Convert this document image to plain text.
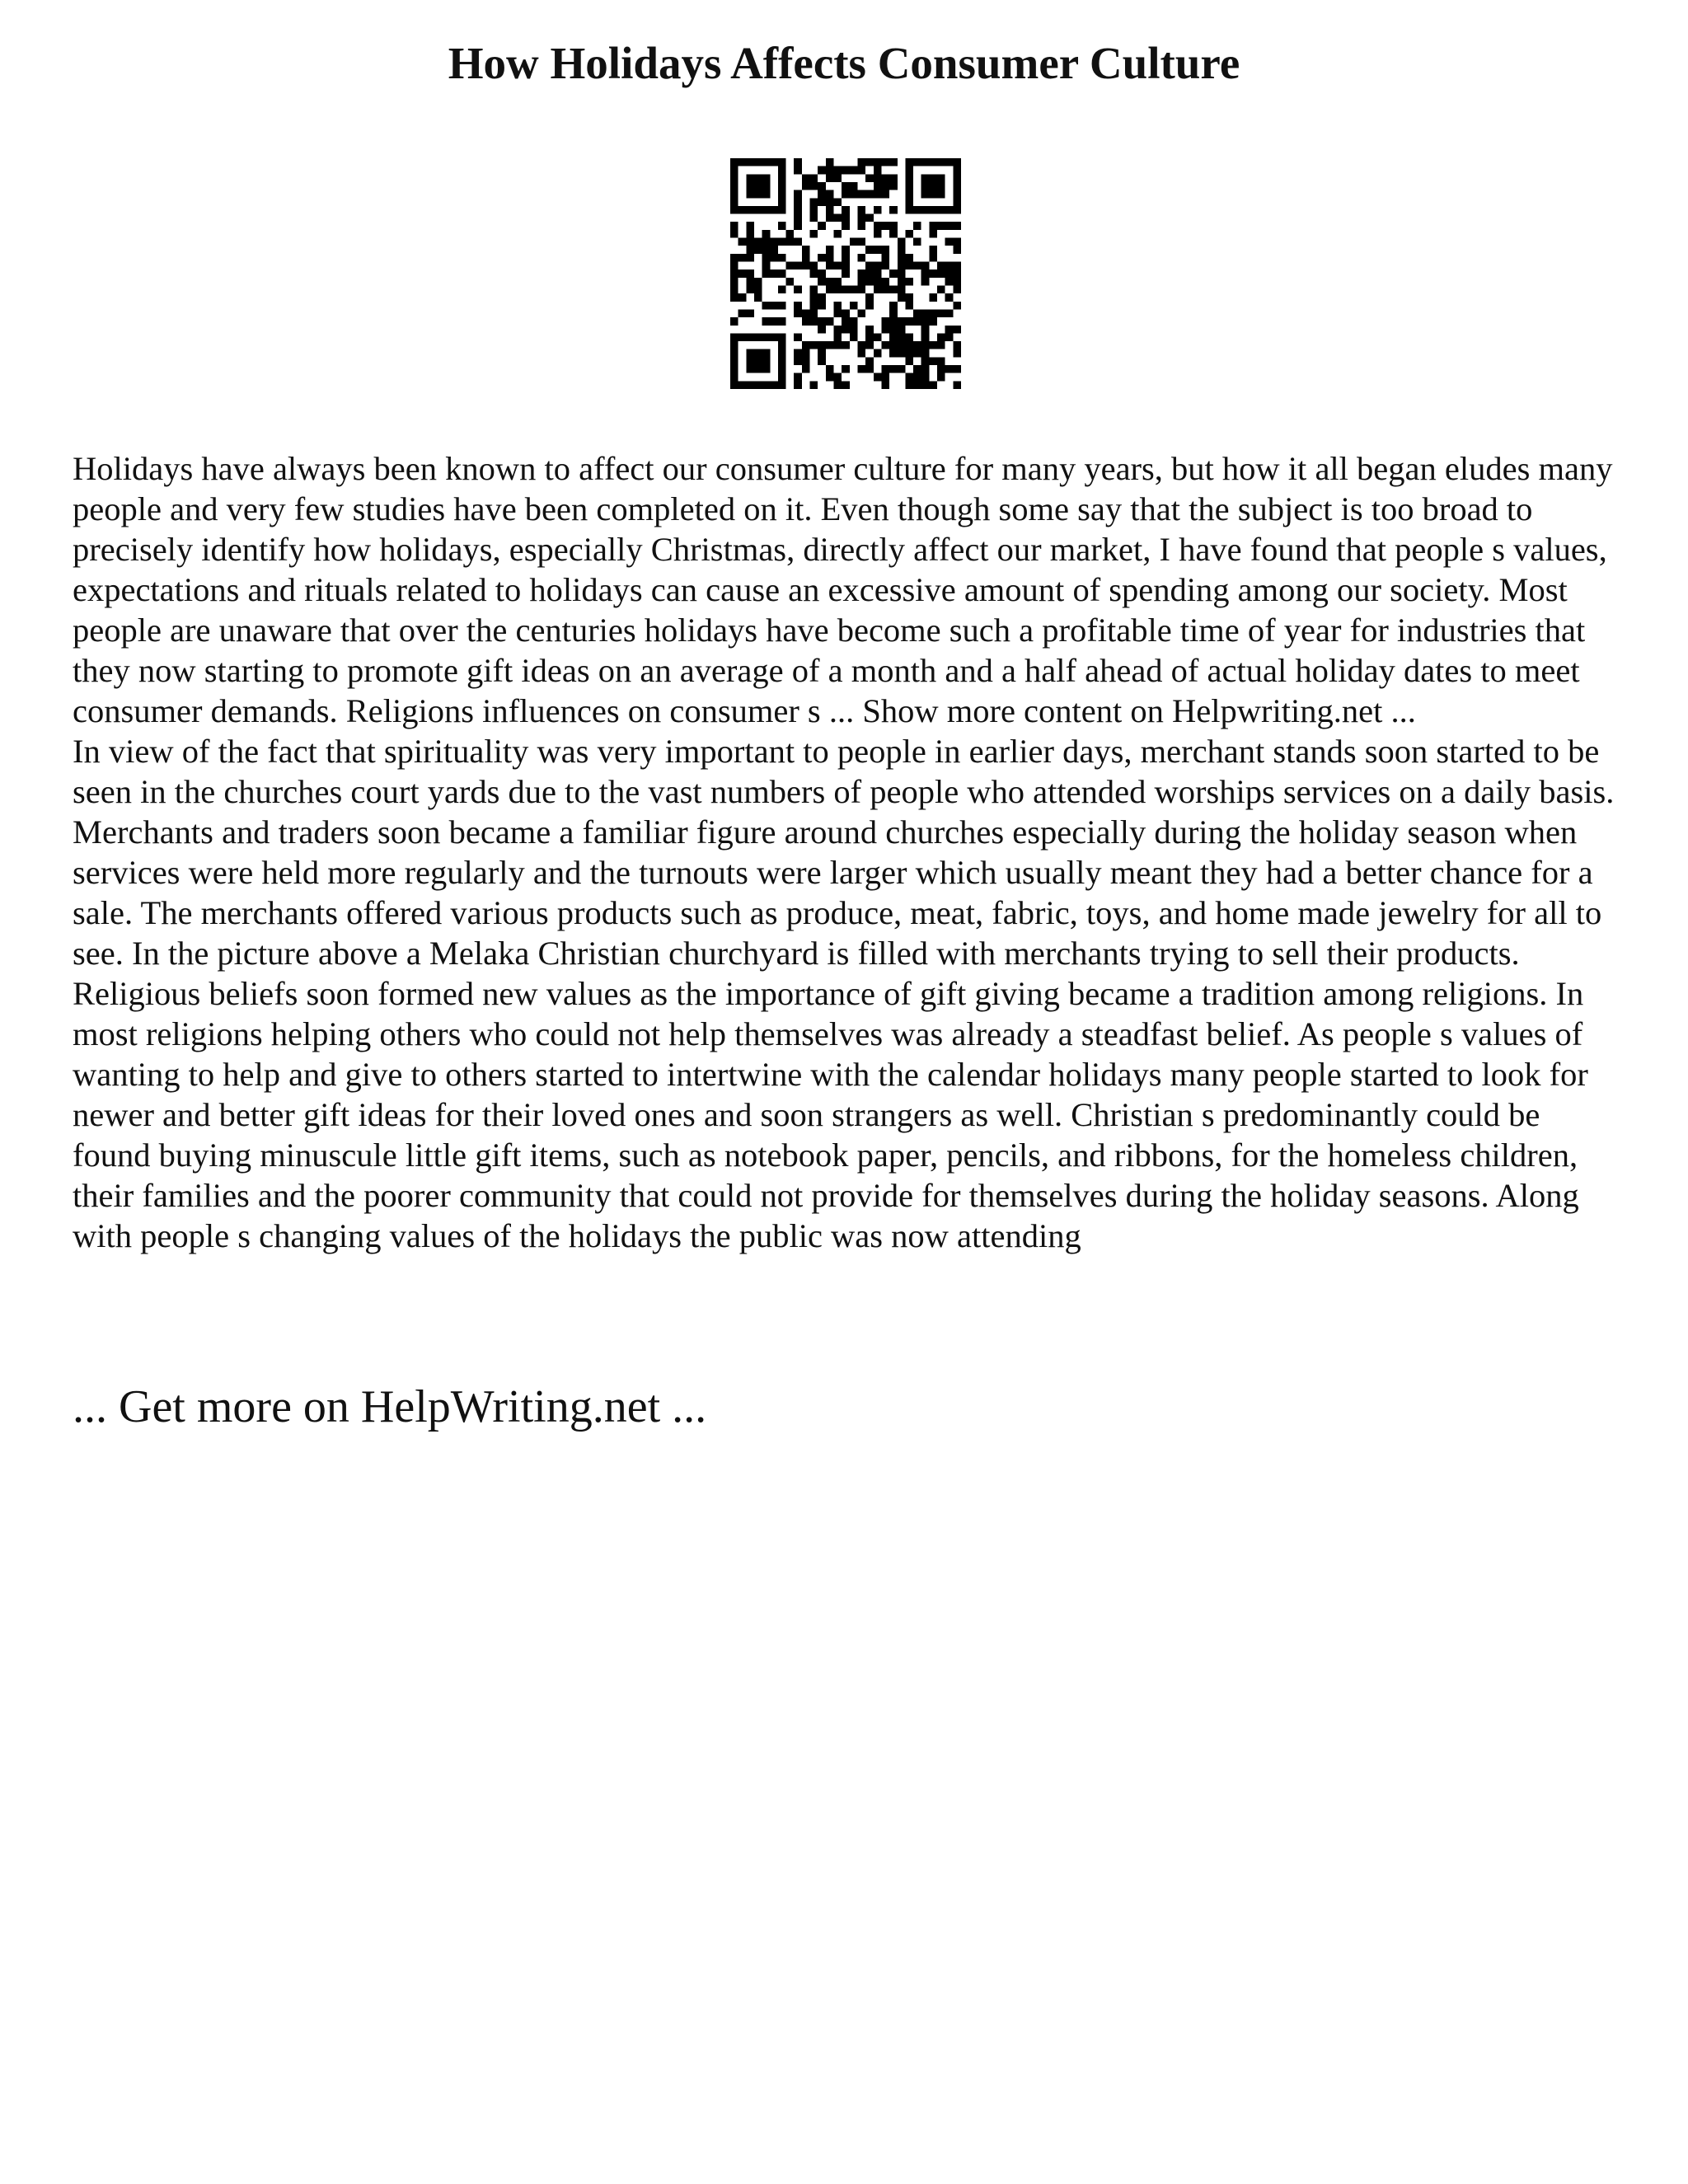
How Holidays Affects Consumer Culture

Holidays have always been known to affect our consumer culture for many years, but how it all began eludes many people and very few studies have been completed on it. Even though some say that the subject is too broad to precisely identify how holidays, especially Christmas, directly affect our market, I have found that people s values, expectations and rituals related to holidays can cause an excessive amount of spending among our society. Most people are unaware that over the centuries holidays have become such a profitable time of year for industries that they now starting to promote gift ideas on an average of a month and a half ahead of actual holiday dates to meet consumer demands. Religions influences on consumer s ... Show more content on Helpwriting.net ...

In view of the fact that spirituality was very important to people in earlier days, merchant stands soon started to be seen in the churches court yards due to the vast numbers of people who attended worships services on a daily basis. Merchants and traders soon became a familiar figure around churches especially during the holiday season when services were held more regularly and the turnouts were larger which usually meant they had a better chance for a sale. The merchants offered various products such as produce, meat, fabric, toys, and home made jewelry for all to see. In the picture above a Melaka Christian churchyard is filled with merchants trying to sell their products. Religious beliefs soon formed new values as the importance of gift giving became a tradition among religions. In most religions helping others who could not help themselves was already a steadfast belief. As people s values of wanting to help and give to others started to intertwine with the calendar holidays many people started to look for newer and better gift ideas for their loved ones and soon strangers as well. Christian s predominantly could be found buying minuscule little gift items, such as notebook paper, pencils, and ribbons, for the homeless children, their families and the poorer community that could not provide for themselves during the holiday seasons. Along with people s changing values of the holidays the public was now attending

... Get more on HelpWriting.net ...
